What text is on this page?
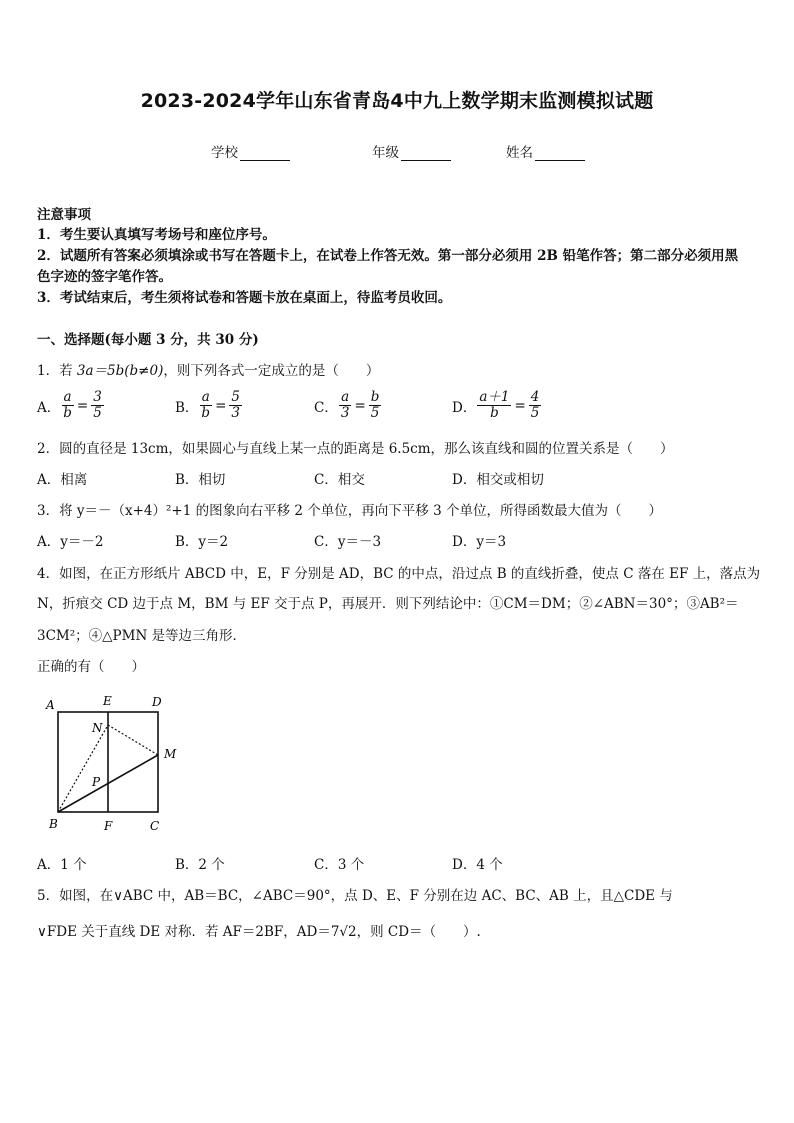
2023-2024学年山东省青岛4中九上数学期末监测模拟试题
学校	年级	姓名
注意事项
1．考生要认真填写考场号和座位序号。
2．试题所有答案必须填涂或书写在答题卡上，在试卷上作答无效。第一部分必须用 2B 铅笔作答；第二部分必须用黑
色字迹的签字笔作答。
3．考试结束后，考生须将试卷和答题卡放在桌面上，待监考员收回。
一、选择题(每小题 3 分，共 30 分)
1．若 3a＝5b(b≠0)，则下列各式一定成立的是（　　）
A． $\frac{a}{b} = \frac{3}{5}$	B． $\frac{a}{b} = \frac{5}{3}$	C． $\frac{a}{3} = \frac{b}{5}$	D． $\frac{a+1}{b} = \frac{4}{5}$
2．圆的直径是 13cm，如果圆心与直线上某一点的距离是 6.5cm，那么该直线和圆的位置关系是（　　）
A．相离	B．相切	C．相交	D．相交或相切
3．将 y＝－（x+4）²+1 的图象向右平移 2 个单位，再向下平移 3 个单位，所得函数最大值为（　　）
A．y＝－2	B．y＝2	C．y＝－3	D．y＝3
4．如图，在正方形纸片 ABCD 中，E，F 分别是 AD，BC 的中点，沿过点 B 的直线折叠，使点 C 落在 EF 上，落点为
N，折痕交 CD 边于点 M，BM 与 EF 交于点 P，再展开．则下列结论中：①CM＝DM；②∠ABN＝30°；③AB²＝
3CM²；④△PMN 是等边三角形．
正确的有（　　）
A	E	D
N
M
P
B	F	C
A．1 个	B．2 个	C．3 个	D．4 个
5．如图，在∨ABC 中，AB＝BC，∠ABC＝90°，点 D、E、F 分别在边 AC、BC、AB 上，且△CDE 与
∨FDE 关于直线 DE 对称．若 AF＝2BF，AD＝7√2，则 CD＝（　　）.
